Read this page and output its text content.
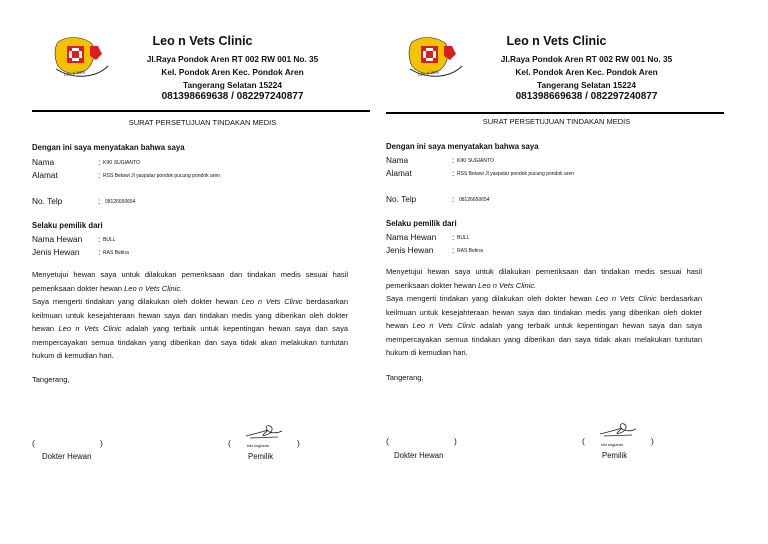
Leo n Vets
Leo n Vets Clinic
Jl.Raya Pondok Aren RT 002 RW 001 No. 35
Kel. Pondok Aren Kec. Pondok Aren
Tangerang Selatan 15224
081398669638 / 082297240877
SURAT PERSETUJUAN TINDAKAN MEDIS
Dengan ini saya menyatakan bahwa saya
Nama	: KIKI SUGIANTO
Alamat	: RSS Betawi Jl yasputar pondok pucung pondok aren
No. Telp	: 08126650654
Selaku pemilik dari
Nama Hewan : BULL
Jenis Hewan : RAS Betina

Menyetujui hewan saya untuk dilakukan pemeriksaan dan tindakan medis sesuai hasil pemeriksaan dokter hewan Leo n Vets Clinic.

Saya mengerti tindakan yang dilakukan oleh dokter hewan Leo n Vets Clinic berdasarkan keilmuan untuk kesejahteraan hewan saya dan tindakan medis yang diberikan oleh dokter hewan Leo n Vets Clinic adalah yang terbaik untuk kepentingan hewan saya dan saya mempercayakan semua tindakan yang diberikan dan saya tidak akan melakukan tuntutan hukum di kemudian hari.

Tangerang,
(	)
Dokter Hewan
(	)
kiki sugianto
Pemilik
Leo n Vets
Leo n Vets Clinic
Jl.Raya Pondok Aren RT 002 RW 001 No. 35
Kel. Pondok Aren Kec. Pondok Aren
Tangerang Selatan 15224
081398669638 / 082297240877
SURAT PERSETUJUAN TINDAKAN MEDIS
Dengan ini saya menyatakan bahwa saya
Nama	: KIKI SUGIANTO
Alamat	: RSS Betawi Jl yasputar pondok pucung pondok aren
No. Telp	: 08126650654
Selaku pemilik dari
Nama Hewan : BULL
Jenis Hewan : RAS Betina

Menyetujui hewan saya untuk dilakukan pemeriksaan dan tindakan medis sesuai hasil pemeriksaan dokter hewan Leo n Vets Clinic.

Saya mengerti tindakan yang dilakukan oleh dokter hewan Leo n Vets Clinic berdasarkan keilmuan untuk kesejahteraan hewan saya dan tindakan medis yang diberikan oleh dokter hewan Leo n Vets Clinic adalah yang terbaik untuk kepentingan hewan saya dan saya mempercayakan semua tindakan yang diberikan dan saya tidak akan melakukan tuntutan hukum di kemudian hari.

Tangerang,
(	)
Dokter Hewan
(	)
kiki sugianto
Pemilik
